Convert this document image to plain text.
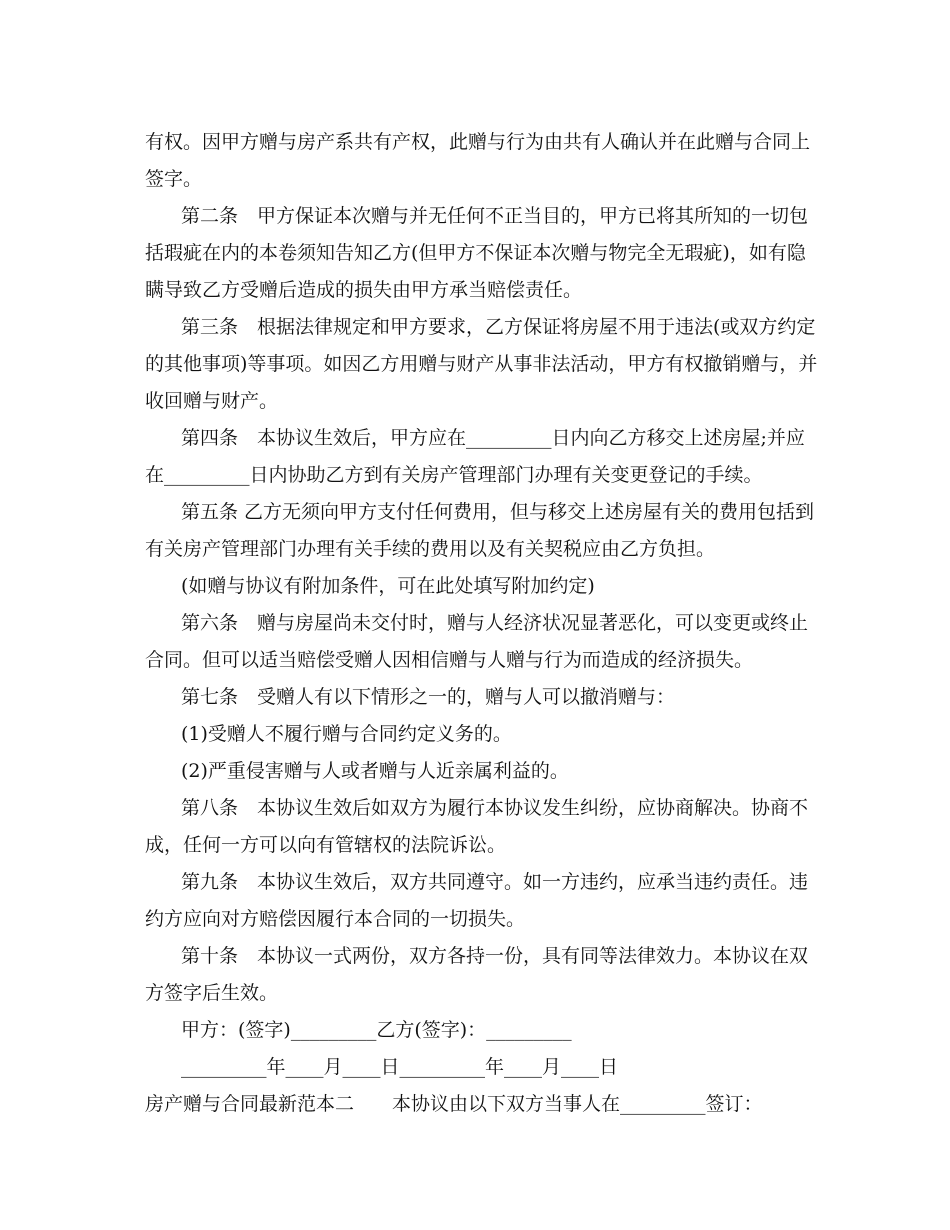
有权。因甲方赠与房产系共有产权，此赠与行为由共有人确认并在此赠与合同上
签字。
第二条　甲方保证本次赠与并无任何不正当目的，甲方已将其所知的一切包
括瑕疵在内的本卷须知告知乙方(但甲方不保证本次赠与物完全无瑕疵)，如有隐
瞒导致乙方受赠后造成的损失由甲方承当赔偿责任。
第三条　根据法律规定和甲方要求，乙方保证将房屋不用于违法(或双方约定
的其他事项)等事项。如因乙方用赠与财产从事非法活动，甲方有权撤销赠与，并
收回赠与财产。
第四条　本协议生效后，甲方应在_________日内向乙方移交上述房屋;并应
在_________日内协助乙方到有关房产管理部门办理有关变更登记的手续。
第五条 乙方无须向甲方支付任何费用，但与移交上述房屋有关的费用包括到
有关房产管理部门办理有关手续的费用以及有关契税应由乙方负担。
(如赠与协议有附加条件，可在此处填写附加约定)
第六条　赠与房屋尚未交付时，赠与人经济状况显著恶化，可以变更或终止
合同。但可以适当赔偿受赠人因相信赠与人赠与行为而造成的经济损失。
第七条　受赠人有以下情形之一的，赠与人可以撤消赠与：
(1)受赠人不履行赠与合同约定义务的。
(2)严重侵害赠与人或者赠与人近亲属利益的。
第八条　本协议生效后如双方为履行本协议发生纠纷，应协商解决。协商不
成，任何一方可以向有管辖权的法院诉讼。
第九条　本协议生效后，双方共同遵守。如一方违约，应承当违约责任。违
约方应向对方赔偿因履行本合同的一切损失。
第十条　本协议一式两份，双方各持一份，具有同等法律效力。本协议在双
方签字后生效。
甲方：(签字)_________乙方(签字)：_________
_________年____月____日_________年____月____日
房产赠与合同最新范本二　　本协议由以下双方当事人在_________签订：
